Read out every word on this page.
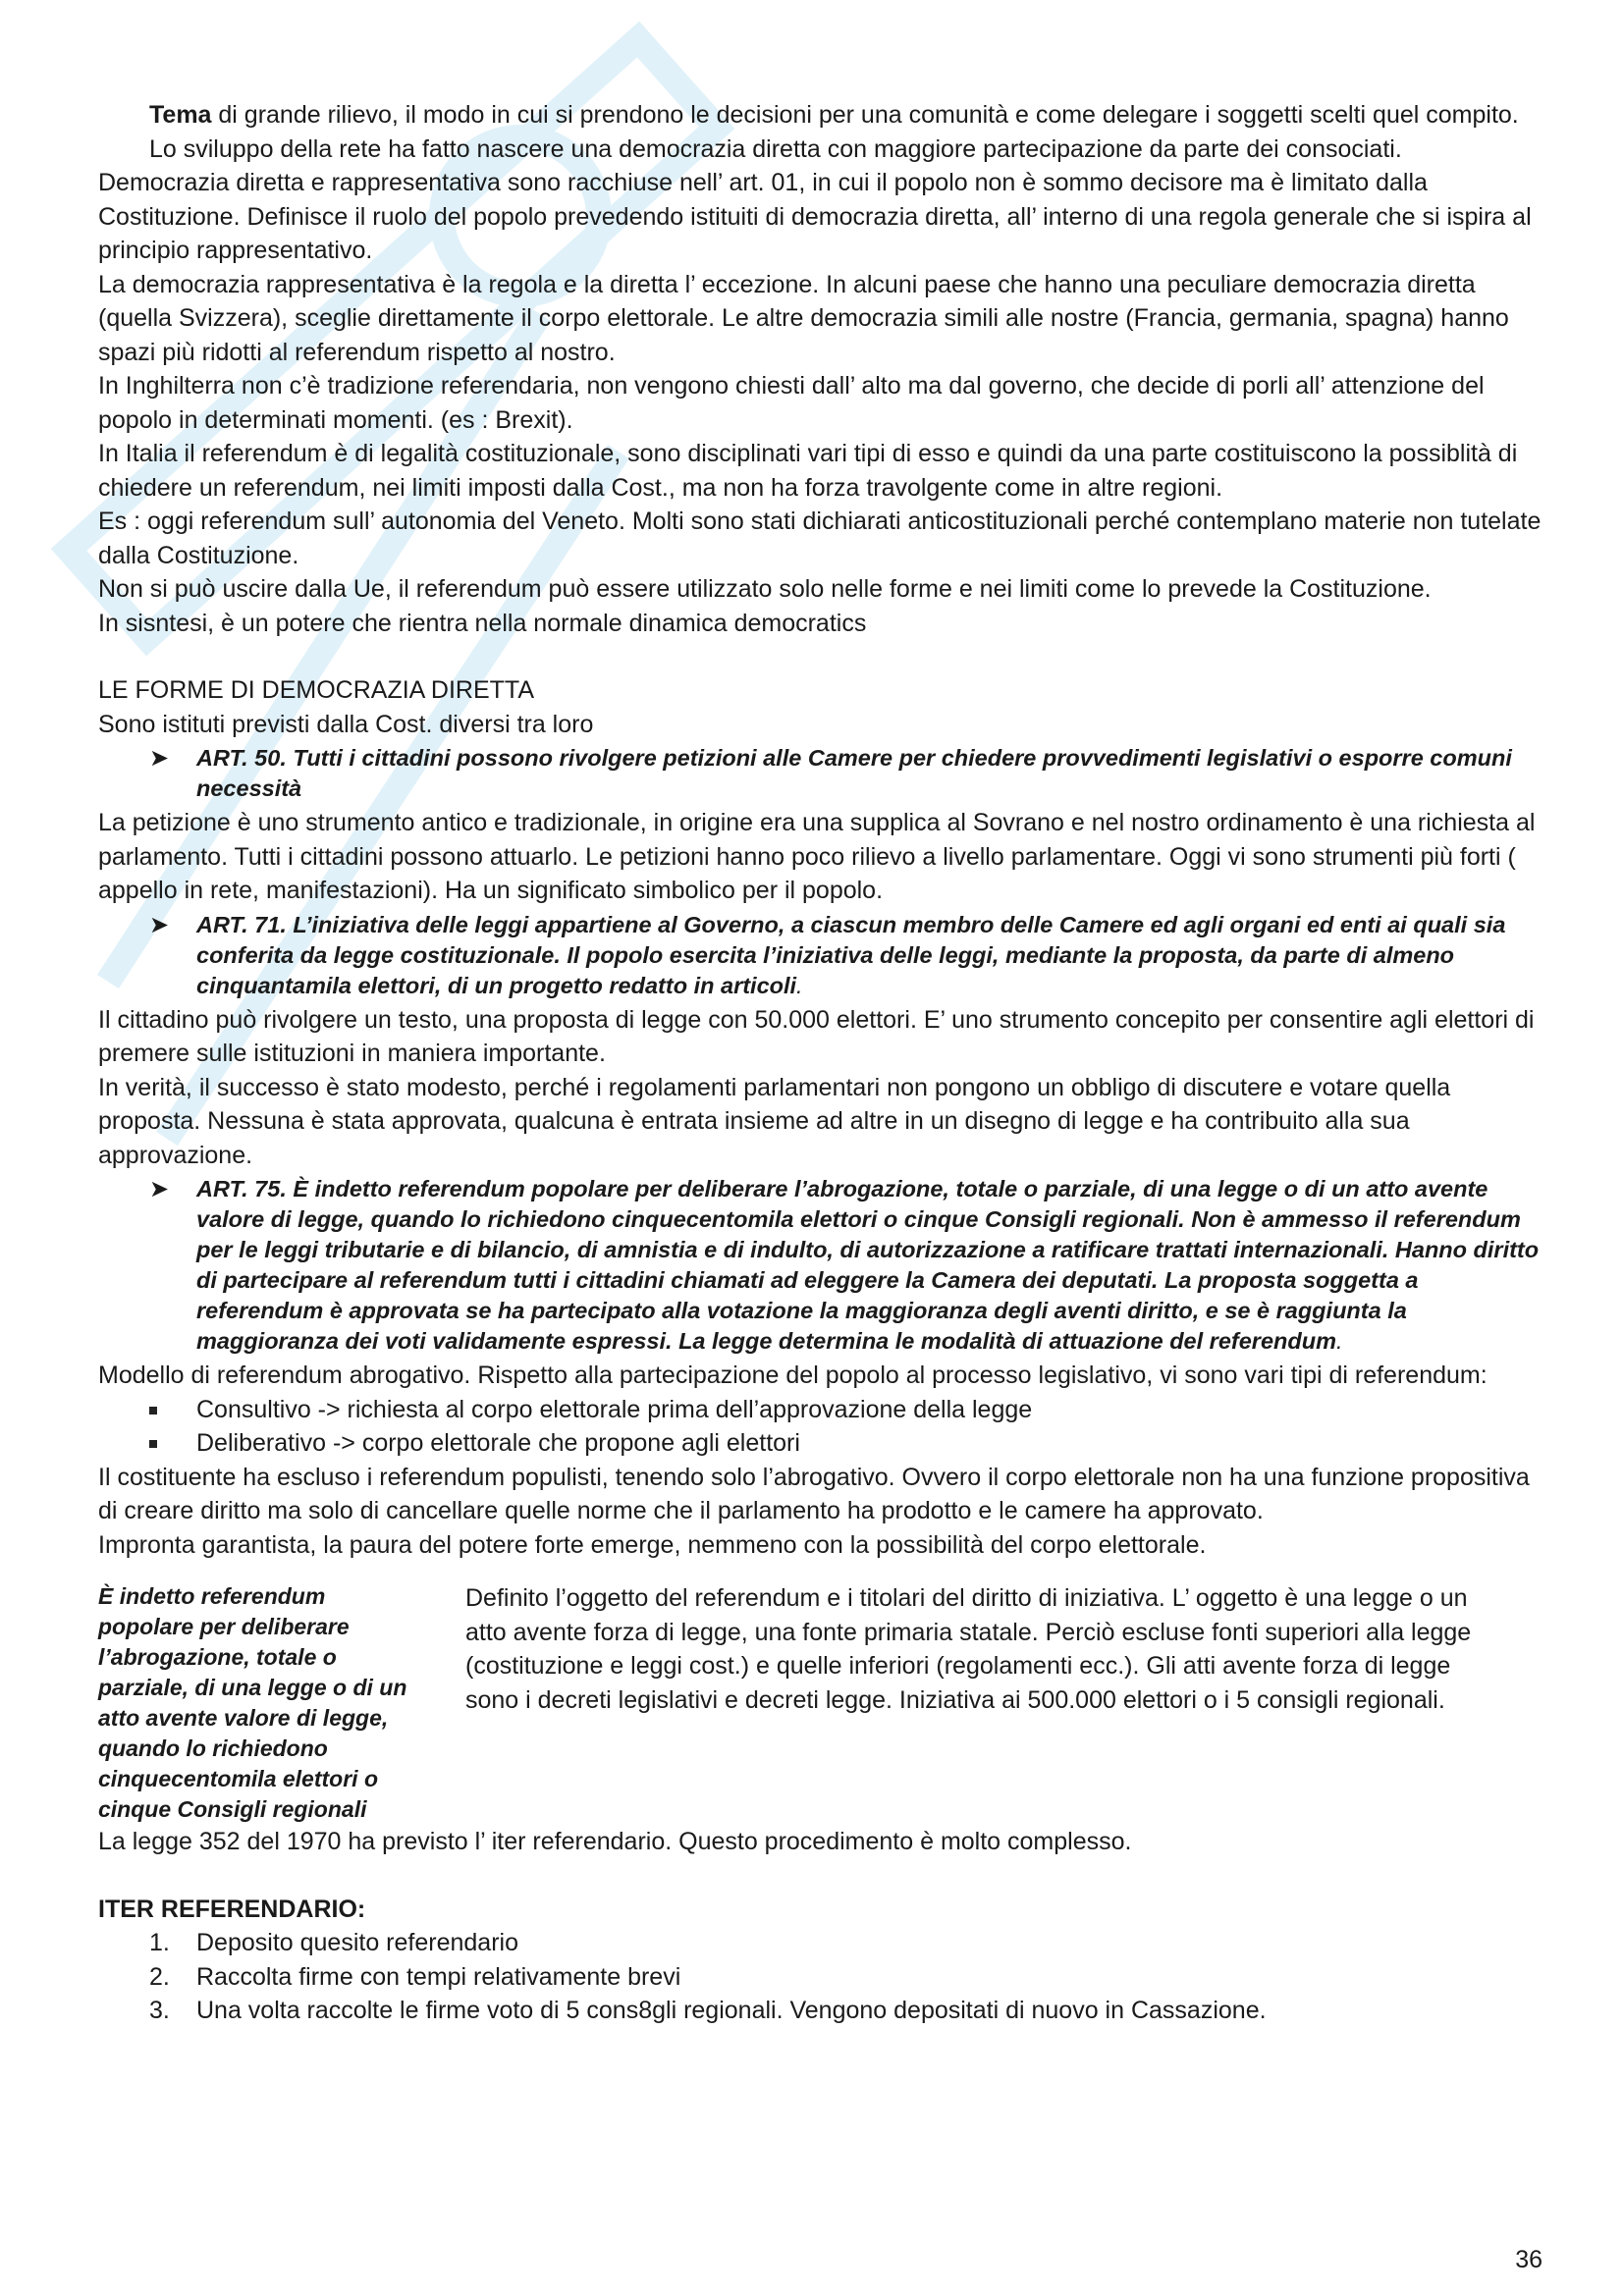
Tema di grande rilievo, il modo in cui si prendono le decisioni per una comunità e come delegare i soggetti scelti quel compito. Lo sviluppo della rete ha fatto nascere una democrazia diretta con maggiore partecipazione da parte dei consociati.

Democrazia diretta e rappresentativa sono racchiuse nell’ art. 01, in cui il popolo non è sommo decisore ma è limitato dalla Costituzione. Definisce il ruolo del popolo prevedendo istituiti di democrazia diretta, all’ interno di una regola generale che si ispira al principio rappresentativo.

La democrazia rappresentativa è la regola e la diretta l’ eccezione. In alcuni paese che hanno una peculiare democrazia diretta (quella Svizzera), sceglie direttamente il corpo elettorale. Le altre democrazia simili alle nostre (Francia, germania, spagna) hanno spazi più ridotti al referendum rispetto al nostro.

In Inghilterra non c’è tradizione referendaria, non vengono chiesti dall’ alto ma dal governo, che decide di porli all’ attenzione del popolo in determinati momenti. (es : Brexit).

In Italia il referendum è di legalità costituzionale, sono disciplinati vari tipi di esso e quindi da una parte costituiscono la possiblità di chiedere un referendum, nei limiti imposti dalla Cost., ma non ha forza travolgente come in altre regioni.

Es : oggi referendum sull’ autonomia del Veneto. Molti sono stati dichiarati anticostituzionali perché contemplano materie non tutelate dalla Costituzione.

Non si può uscire dalla Ue, il referendum può essere utilizzato solo nelle forme e nei limiti come lo prevede la Costituzione.

In sisntesi, è un potere che rientra nella normale dinamica democratics

LE FORME DI DEMOCRAZIA DIRETTA

Sono istituti previsti dalla Cost. diversi tra loro

➤ ART. 50. Tutti i cittadini possono rivolgere petizioni alle Camere per chiedere provvedimenti legislativi o esporre comuni necessità

La petizione è uno strumento antico e tradizionale, in origine era una supplica al Sovrano e nel nostro ordinamento è una richiesta al parlamento. Tutti i cittadini possono attuarlo. Le petizioni hanno poco rilievo a livello parlamentare. Oggi vi sono strumenti più forti ( appello in rete, manifestazioni). Ha un significato simbolico per il popolo.

➤ ART. 71. L’iniziativa delle leggi appartiene al Governo, a ciascun membro delle Camere ed agli organi ed enti ai quali sia conferita da legge costituzionale. Il popolo esercita l’iniziativa delle leggi, mediante la proposta, da parte di almeno cinquantamila elettori, di un progetto redatto in articoli.

Il cittadino può rivolgere un testo, una proposta di legge con 50.000 elettori. E’ uno strumento concepito per consentire agli elettori di premere sulle istituzioni in maniera importante.

In verità, il successo è stato modesto, perché i regolamenti parlamentari non pongono un obbligo di discutere e votare quella proposta. Nessuna è stata approvata, qualcuna è entrata insieme ad altre in un disegno di legge e ha contribuito alla sua approvazione.

➤ ART. 75. È indetto referendum popolare per deliberare l’abrogazione, totale o parziale, di una legge o di un atto avente valore di legge, quando lo richiedono cinquecentomila elettori o cinque Consigli regionali. Non è ammesso il referendum per le leggi tributarie e di bilancio, di amnistia e di indulto, di autorizzazione a ratificare trattati internazionali. Hanno diritto di partecipare al referendum tutti i cittadini chiamati ad eleggere la Camera dei deputati. La proposta soggetta a referendum è approvata se ha partecipato alla votazione la maggioranza degli aventi diritto, e se è raggiunta la maggioranza dei voti validamente espressi. La legge determina le modalità di attuazione del referendum.

Modello di referendum abrogativo. Rispetto alla partecipazione del popolo al processo legislativo, vi sono vari tipi di referendum:

Consultivo -> richiesta al corpo elettorale prima dell’approvazione della legge
Deliberativo -> corpo elettorale che propone agli elettori

Il costituente ha escluso i referendum populisti, tenendo solo l’abrogativo. Ovvero il corpo elettorale non ha una funzione propositiva di creare diritto ma solo di cancellare quelle norme che il parlamento ha prodotto e le camere ha approvato.

Impronta garantista, la paura del potere forte emerge, nemmeno con la possibilità del corpo elettorale.

È indetto referendum popolare per deliberare l’abrogazione, totale o parziale, di una legge o di un atto avente valore di legge, quando lo richiedono cinquecentomila elettori o cinque Consigli regionali
Definito l’oggetto del referendum e i titolari del diritto di iniziativa. L’ oggetto è una legge o un atto avente forza di legge, una fonte primaria statale. Perciò escluse fonti superiori alla legge (costituzione e leggi cost.) e quelle inferiori (regolamenti ecc.). Gli atti avente forza di legge sono i decreti legislativi e decreti legge. Iniziativa ai 500.000 elettori o i 5 consigli regionali.

La legge 352 del 1970 ha previsto l’ iter referendario. Questo procedimento è molto complesso.

ITER REFERENDARIO:

1. Deposito quesito referendario
2. Raccolta firme con tempi relativamente brevi
3. Una volta raccolte le firme voto di 5 cons8gli regionali. Vengono depositati di nuovo in Cassazione.
36
